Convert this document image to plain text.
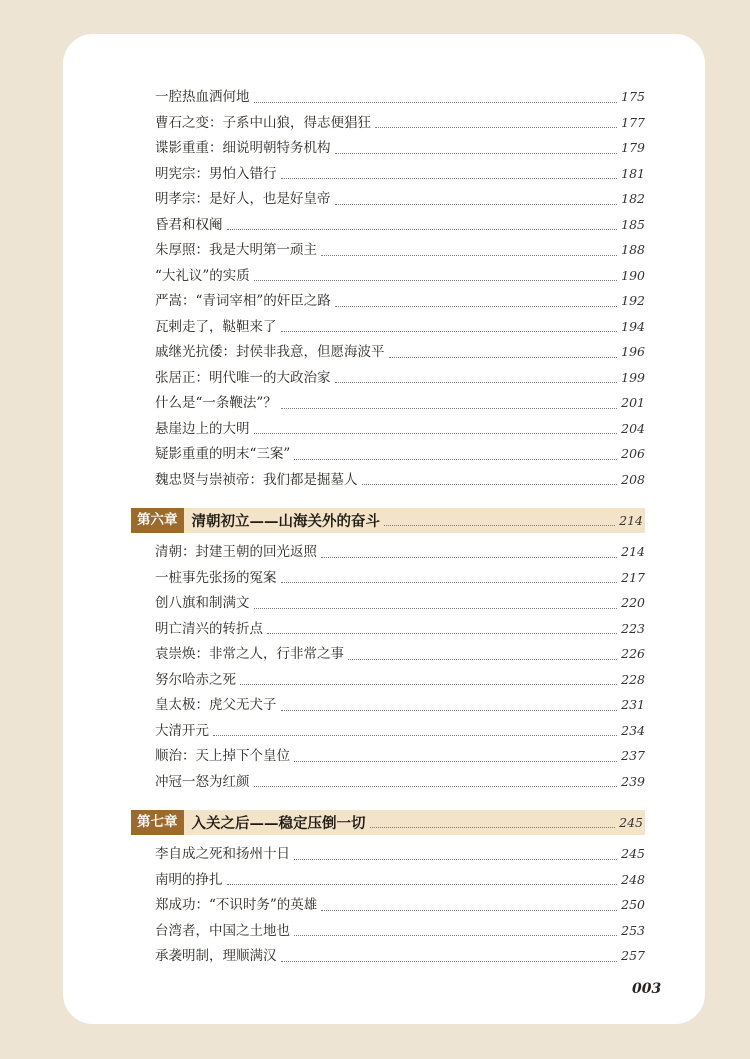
一腔热血洒何地	175
曹石之变：子系中山狼，得志便猖狂	177
谍影重重：细说明朝特务机构	179
明宪宗：男怕入错行	181
明孝宗：是好人，也是好皇帝	182
昏君和权阉	185
朱厚照：我是大明第一顽主	188
“大礼议”的实质	190
严嵩：“青词宰相”的奸臣之路	192
瓦剌走了，鞑靼来了	194
戚继光抗倭：封侯非我意，但愿海波平	196
张居正：明代唯一的大政治家	199
什么是“一条鞭法”？	201
悬崖边上的大明	204
疑影重重的明末“三案”	206
魏忠贤与崇祯帝：我们都是掘墓人	208
第六章 清朝初立——山海关外的奋斗	214
清朝：封建王朝的回光返照	214
一桩事先张扬的冤案	217
创八旗和制满文	220
明亡清兴的转折点	223
袁崇焕：非常之人，行非常之事	226
努尔哈赤之死	228
皇太极：虎父无犬子	231
大清开元	234
顺治：天上掉下个皇位	237
冲冠一怒为红颜	239
第七章 入关之后——稳定压倒一切	245
李自成之死和扬州十日	245
南明的挣扎	248
郑成功：“不识时务”的英雄	250
台湾者，中国之土地也	253
承袭明制，理顺满汉	257
003
